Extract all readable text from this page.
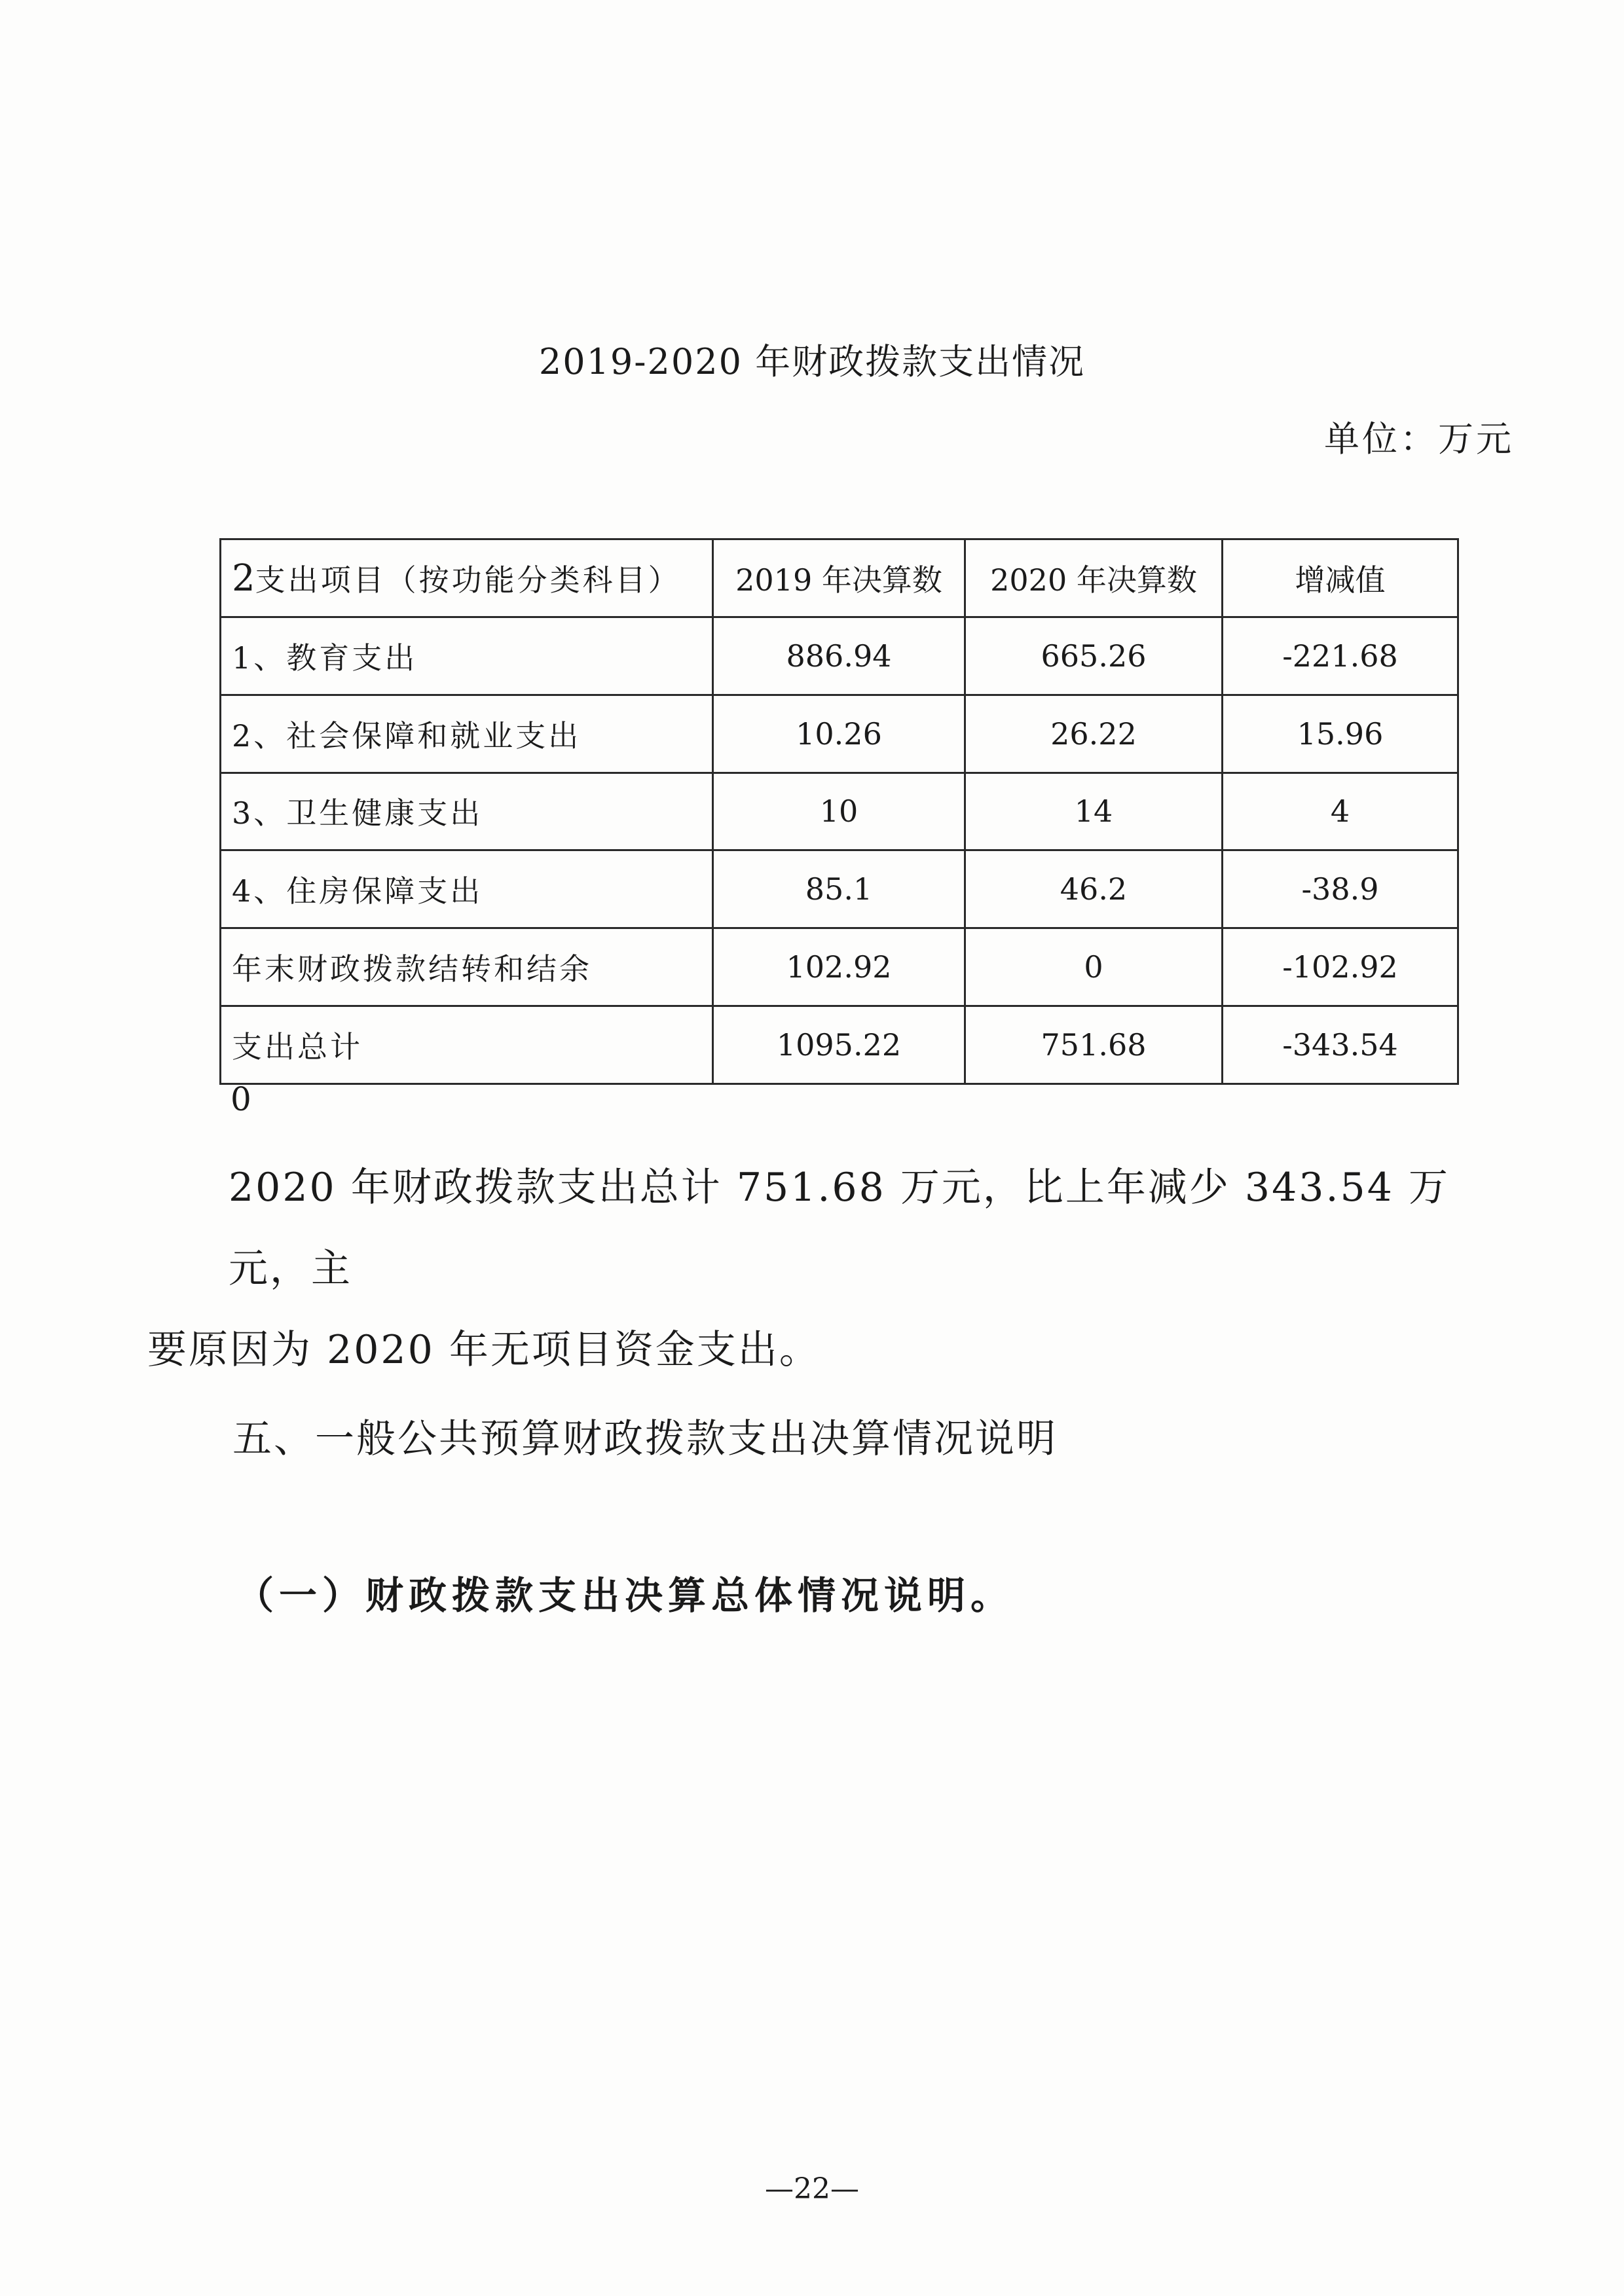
2019-2020 年财政拨款支出情况
单位：万元
2支出项目（按功能分类科目）	2019 年决算数	2020 年决算数	增减值
1、教育支出	886.94	665.26	-221.68
2、社会保障和就业支出	10.26	26.22	15.96
3、卫生健康支出	10	14	4
4、住房保障支出	85.1	46.2	-38.9
年末财政拨款结转和结余	102.92	0	-102.92
支出总计	1095.22	751.68	-343.54
0
2020 年财政拨款支出总计 751.68 万元，比上年减少 343.54 万元，主
要原因为 2020 年无项目资金支出。
五、一般公共预算财政拨款支出决算情况说明
（一）财政拨款支出决算总体情况说明。
—22—
